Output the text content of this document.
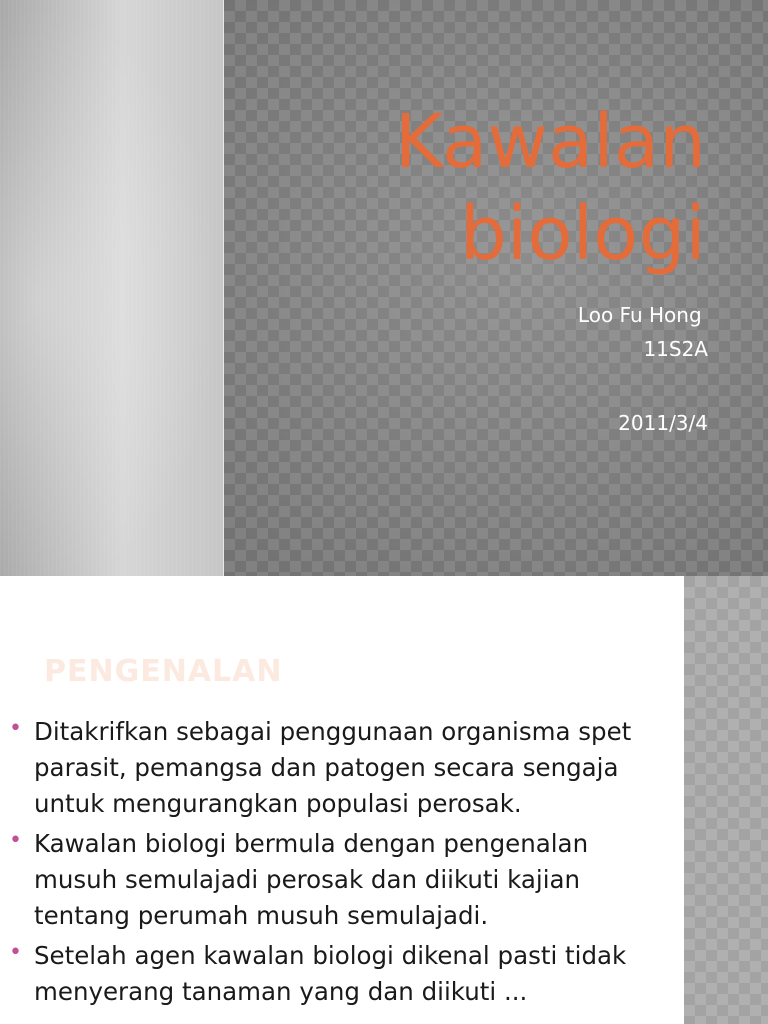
Kawalan
biologi
Loo Fu Hong
11S2A
2011/3/4
PENGENALAN
• Ditakrifkan sebagai penggunaan organisma spet parasit, pemangsa dan patogen secara sengaja untuk mengurangkan populasi perosak.
• Kawalan biologi bermula dengan pengenalan musuh semulajadi perosak dan diikuti kajian tentang perumah musuh semulajadi.
• Setelah agen kawalan biologi dikenal pasti tidak menyerang tanaman yang dan diikuti ...
